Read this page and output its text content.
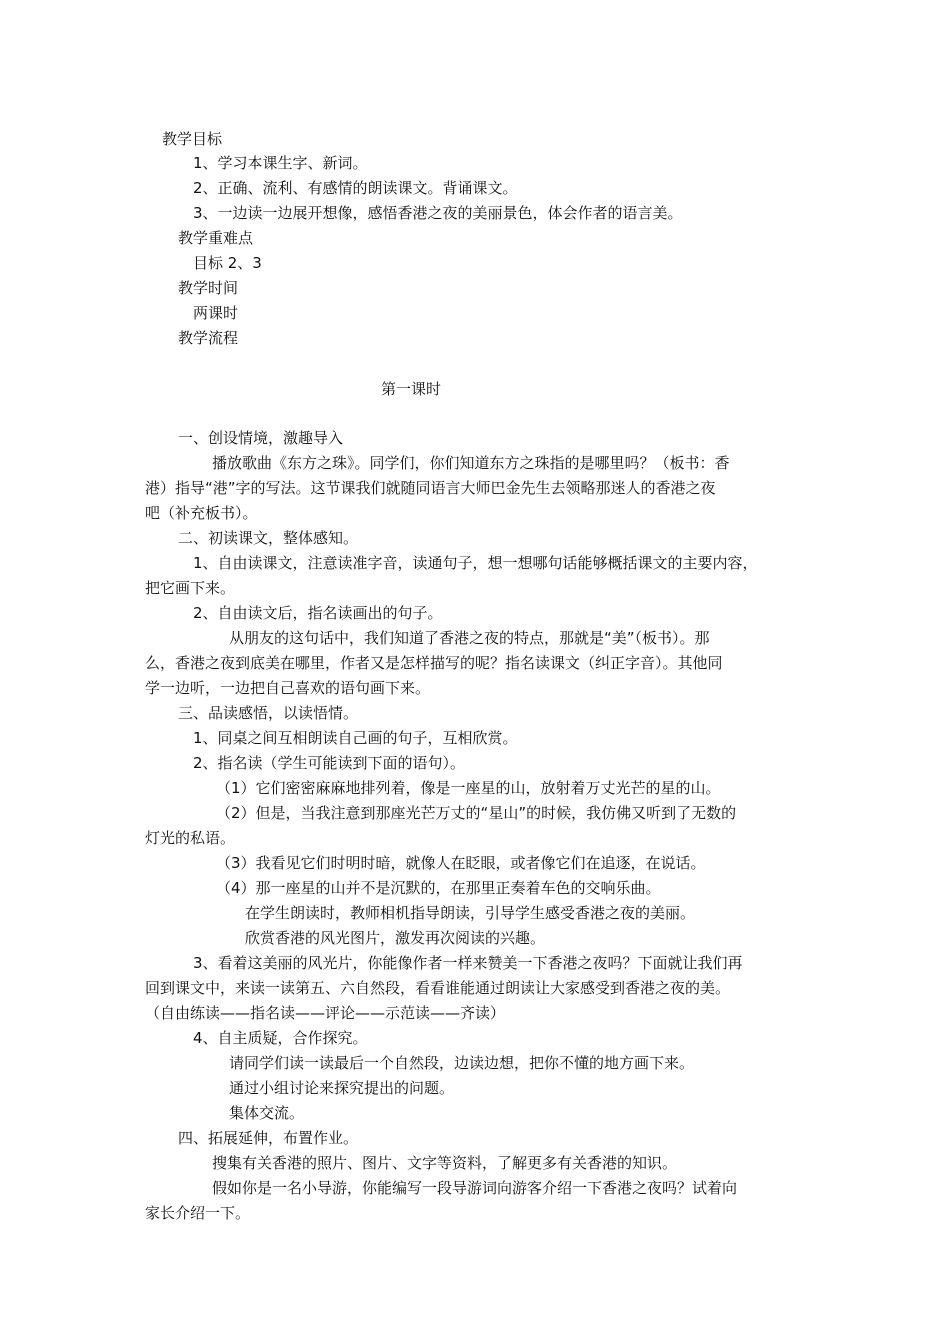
教学目标
1、学习本课生字、新词。
2、正确、流利、有感情的朗读课文。背诵课文。
3、一边读一边展开想像，感悟香港之夜的美丽景色，体会作者的语言美。
教学重难点
目标 2、3
教学时间
两课时
教学流程
第一课时
一、创设情境，激趣导入
播放歌曲《东方之珠》。同学们，你们知道东方之珠指的是哪里吗？（板书：香
港）指导“港”字的写法。这节课我们就随同语言大师巴金先生去领略那迷人的香港之夜
吧（补充板书）。
二、初读课文，整体感知。
1、自由读课文，注意读准字音，读通句子，想一想哪句话能够概括课文的主要内容，
把它画下来。
2、自由读文后，指名读画出的句子。
从朋友的这句话中，我们知道了香港之夜的特点，那就是“美”（板书）。那
么，香港之夜到底美在哪里，作者又是怎样描写的呢？指名读课文（纠正字音）。其他同
学一边听，一边把自己喜欢的语句画下来。
三、品读感悟，以读悟情。
1、同桌之间互相朗读自己画的句子，互相欣赏。
2、指名读（学生可能读到下面的语句）。
（1）它们密密麻麻地排列着，像是一座星的山，放射着万丈光芒的星的山。
（2）但是，当我注意到那座光芒万丈的“星山”的时候，我仿佛又听到了无数的
灯光的私语。
（3）我看见它们时明时暗，就像人在眨眼，或者像它们在追逐，在说话。
（4）那一座星的山并不是沉默的，在那里正奏着车色的交响乐曲。
在学生朗读时，教师相机指导朗读，引导学生感受香港之夜的美丽。
欣赏香港的风光图片，激发再次阅读的兴趣。
3、看着这美丽的风光片，你能像作者一样来赞美一下香港之夜吗？下面就让我们再
回到课文中，来读一读第五、六自然段，看看谁能通过朗读让大家感受到香港之夜的美。
（自由练读——指名读——评论——示范读——齐读）
4、自主质疑，合作探究。
请同学们读一读最后一个自然段，边读边想，把你不懂的地方画下来。
通过小组讨论来探究提出的问题。
集体交流。
四、拓展延伸，布置作业。
搜集有关香港的照片、图片、文字等资料，了解更多有关香港的知识。
假如你是一名小导游，你能编写一段导游词向游客介绍一下香港之夜吗？试着向
家长介绍一下。
